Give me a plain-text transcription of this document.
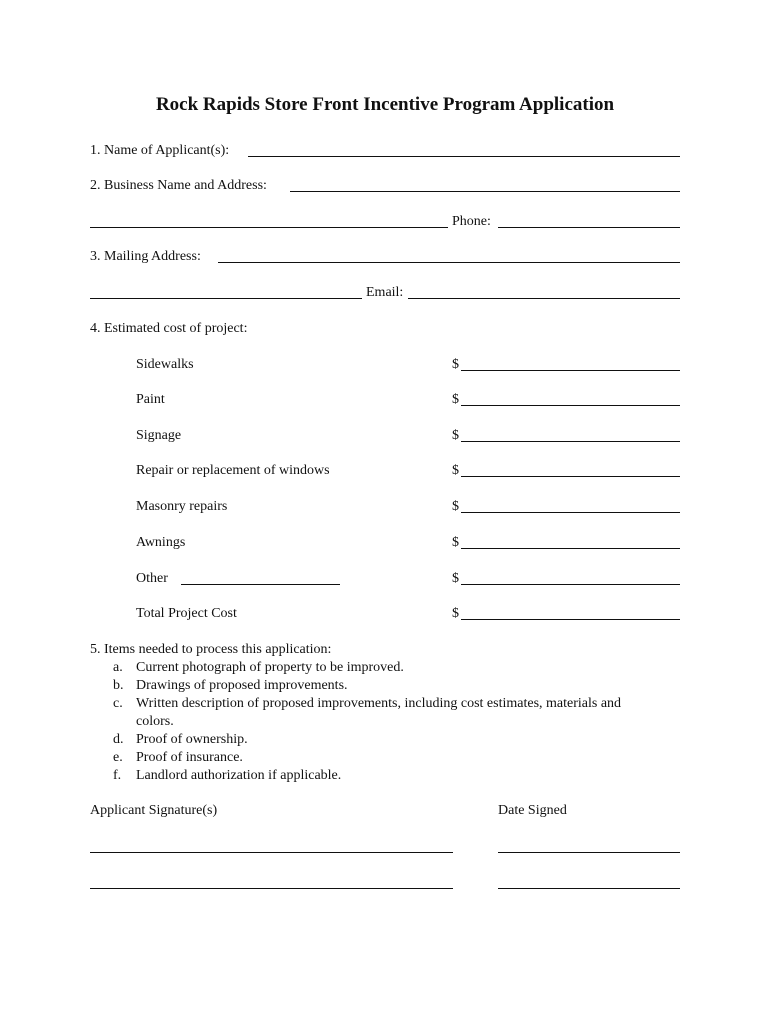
Rock Rapids Store Front Incentive Program Application
1. Name of Applicant(s):
2. Business Name and Address:
Phone:
3. Mailing Address:
Email:
4. Estimated cost of project:
Sidewalks	$
Paint	$
Signage	$
Repair or replacement of windows	$
Masonry repairs	$
Awnings	$
Other	$
Total Project Cost	$
5. Items needed to process this application:
a. Current photograph of property to be improved.
b. Drawings of proposed improvements.
c. Written description of proposed improvements, including cost estimates, materials and
colors.
d. Proof of ownership.
e. Proof of insurance.
f. Landlord authorization if applicable.
Applicant Signature(s)	Date Signed
